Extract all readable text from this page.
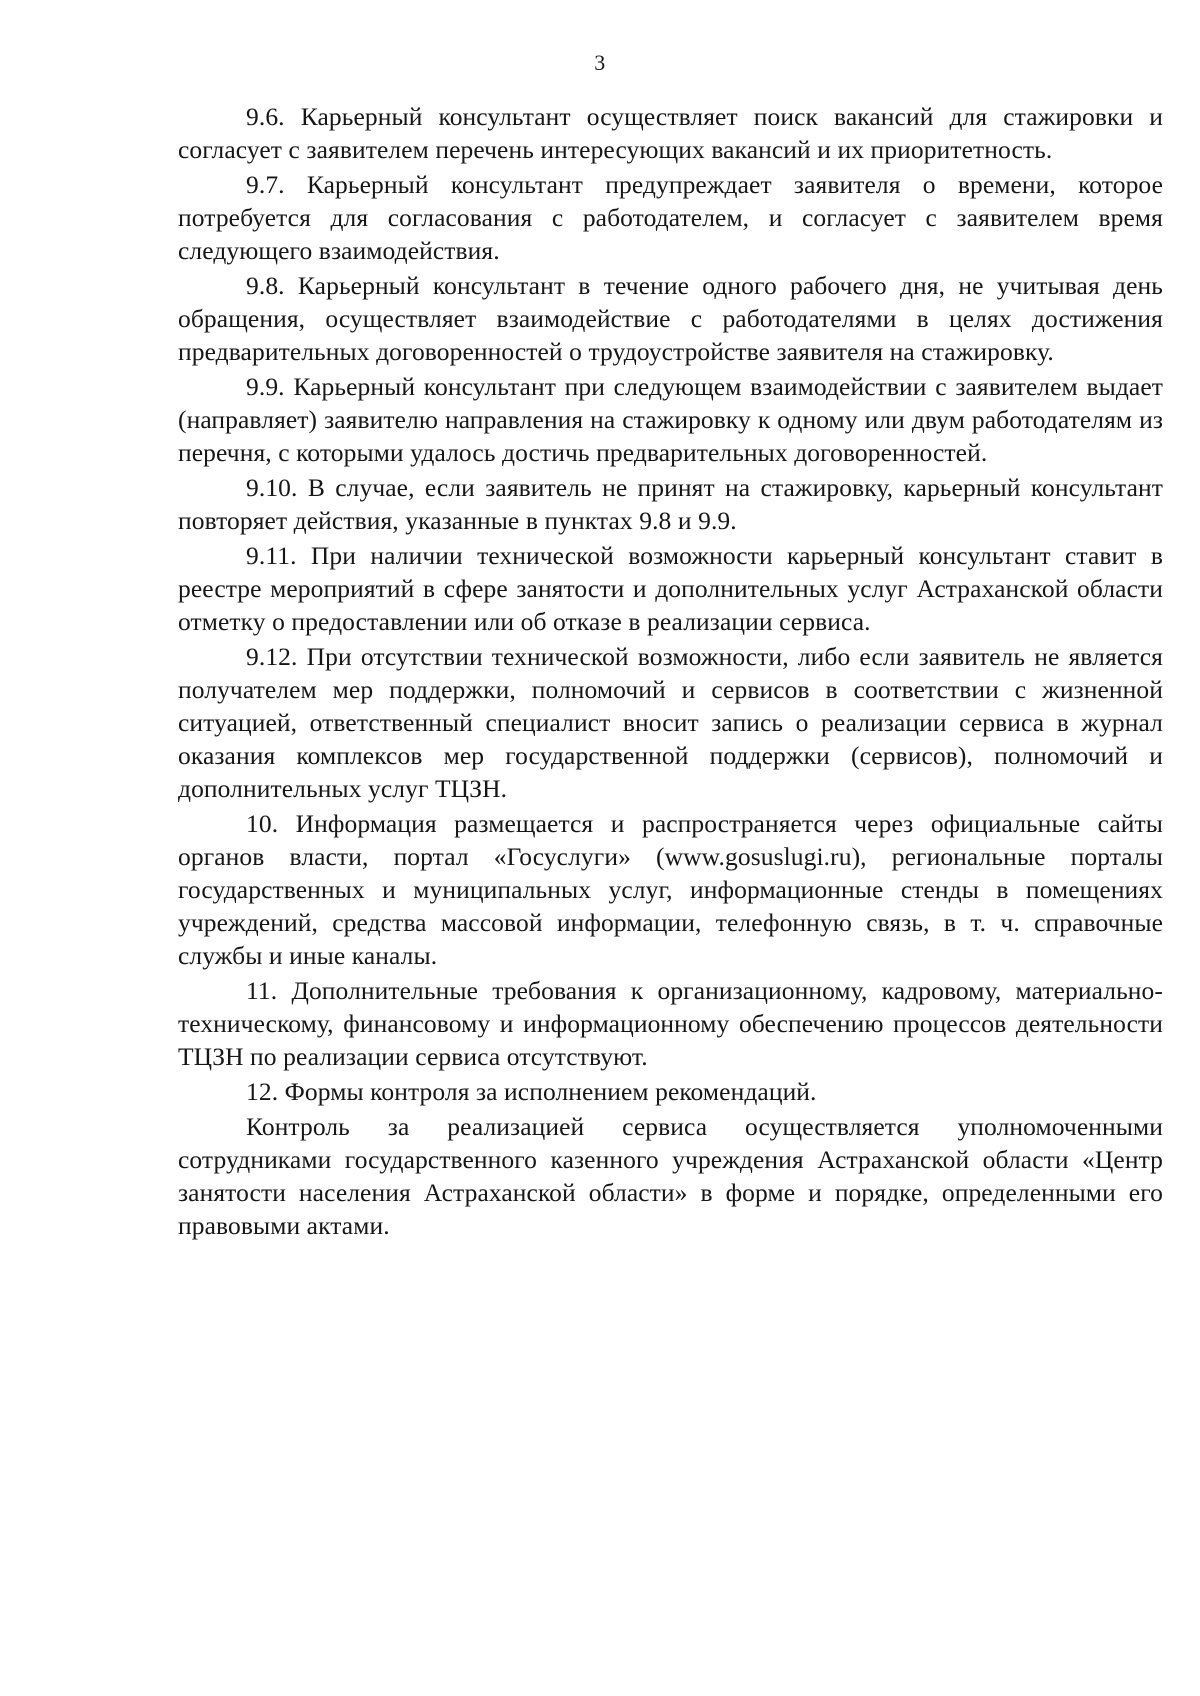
3

9.6. Карьерный консультант осуществляет поиск вакансий для стажировки и согласует с заявителем перечень интересующих вакансий и их приоритетность.

9.7. Карьерный консультант предупреждает заявителя о времени, которое потребуется для согласования с работодателем, и согласует с заявителем время следующего взаимодействия.

9.8. Карьерный консультант в течение одного рабочего дня, не учитывая день обращения, осуществляет взаимодействие с работодателями в целях достижения предварительных договоренностей о трудоустройстве заявителя на стажировку.

9.9. Карьерный консультант при следующем взаимодействии с заявителем выдает (направляет) заявителю направления на стажировку к одному или двум работодателям из перечня, с которыми удалось достичь предварительных договоренностей.

9.10. В случае, если заявитель не принят на стажировку, карьерный консультант повторяет действия, указанные в пунктах 9.8 и 9.9.

9.11. При наличии технической возможности карьерный консультант ставит в реестре мероприятий в сфере занятости и дополнительных услуг Астраханской области отметку о предоставлении или об отказе в реализации сервиса.

9.12. При отсутствии технической возможности, либо если заявитель не является получателем мер поддержки, полномочий и сервисов в соответствии с жизненной ситуацией, ответственный специалист вносит запись о реализации сервиса в журнал оказания комплексов мер государственной поддержки (сервисов), полномочий и дополнительных услуг ТЦЗН.

10. Информация размещается и распространяется через официальные сайты органов власти, портал «Госуслуги» (www.gosuslugi.ru), региональные порталы государственных и муниципальных услуг, информационные стенды в помещениях учреждений, средства массовой информации, телефонную связь, в т. ч. справочные службы и иные каналы.

11. Дополнительные требования к организационному, кадровому, материально-техническому, финансовому и информационному обеспечению процессов деятельности ТЦЗН по реализации сервиса отсутствуют.

12. Формы контроля за исполнением рекомендаций.

Контроль за реализацией сервиса осуществляется уполномоченными сотрудниками государственного казенного учреждения Астраханской области «Центр занятости населения Астраханской области» в форме и порядке, определенными его правовыми актами.
